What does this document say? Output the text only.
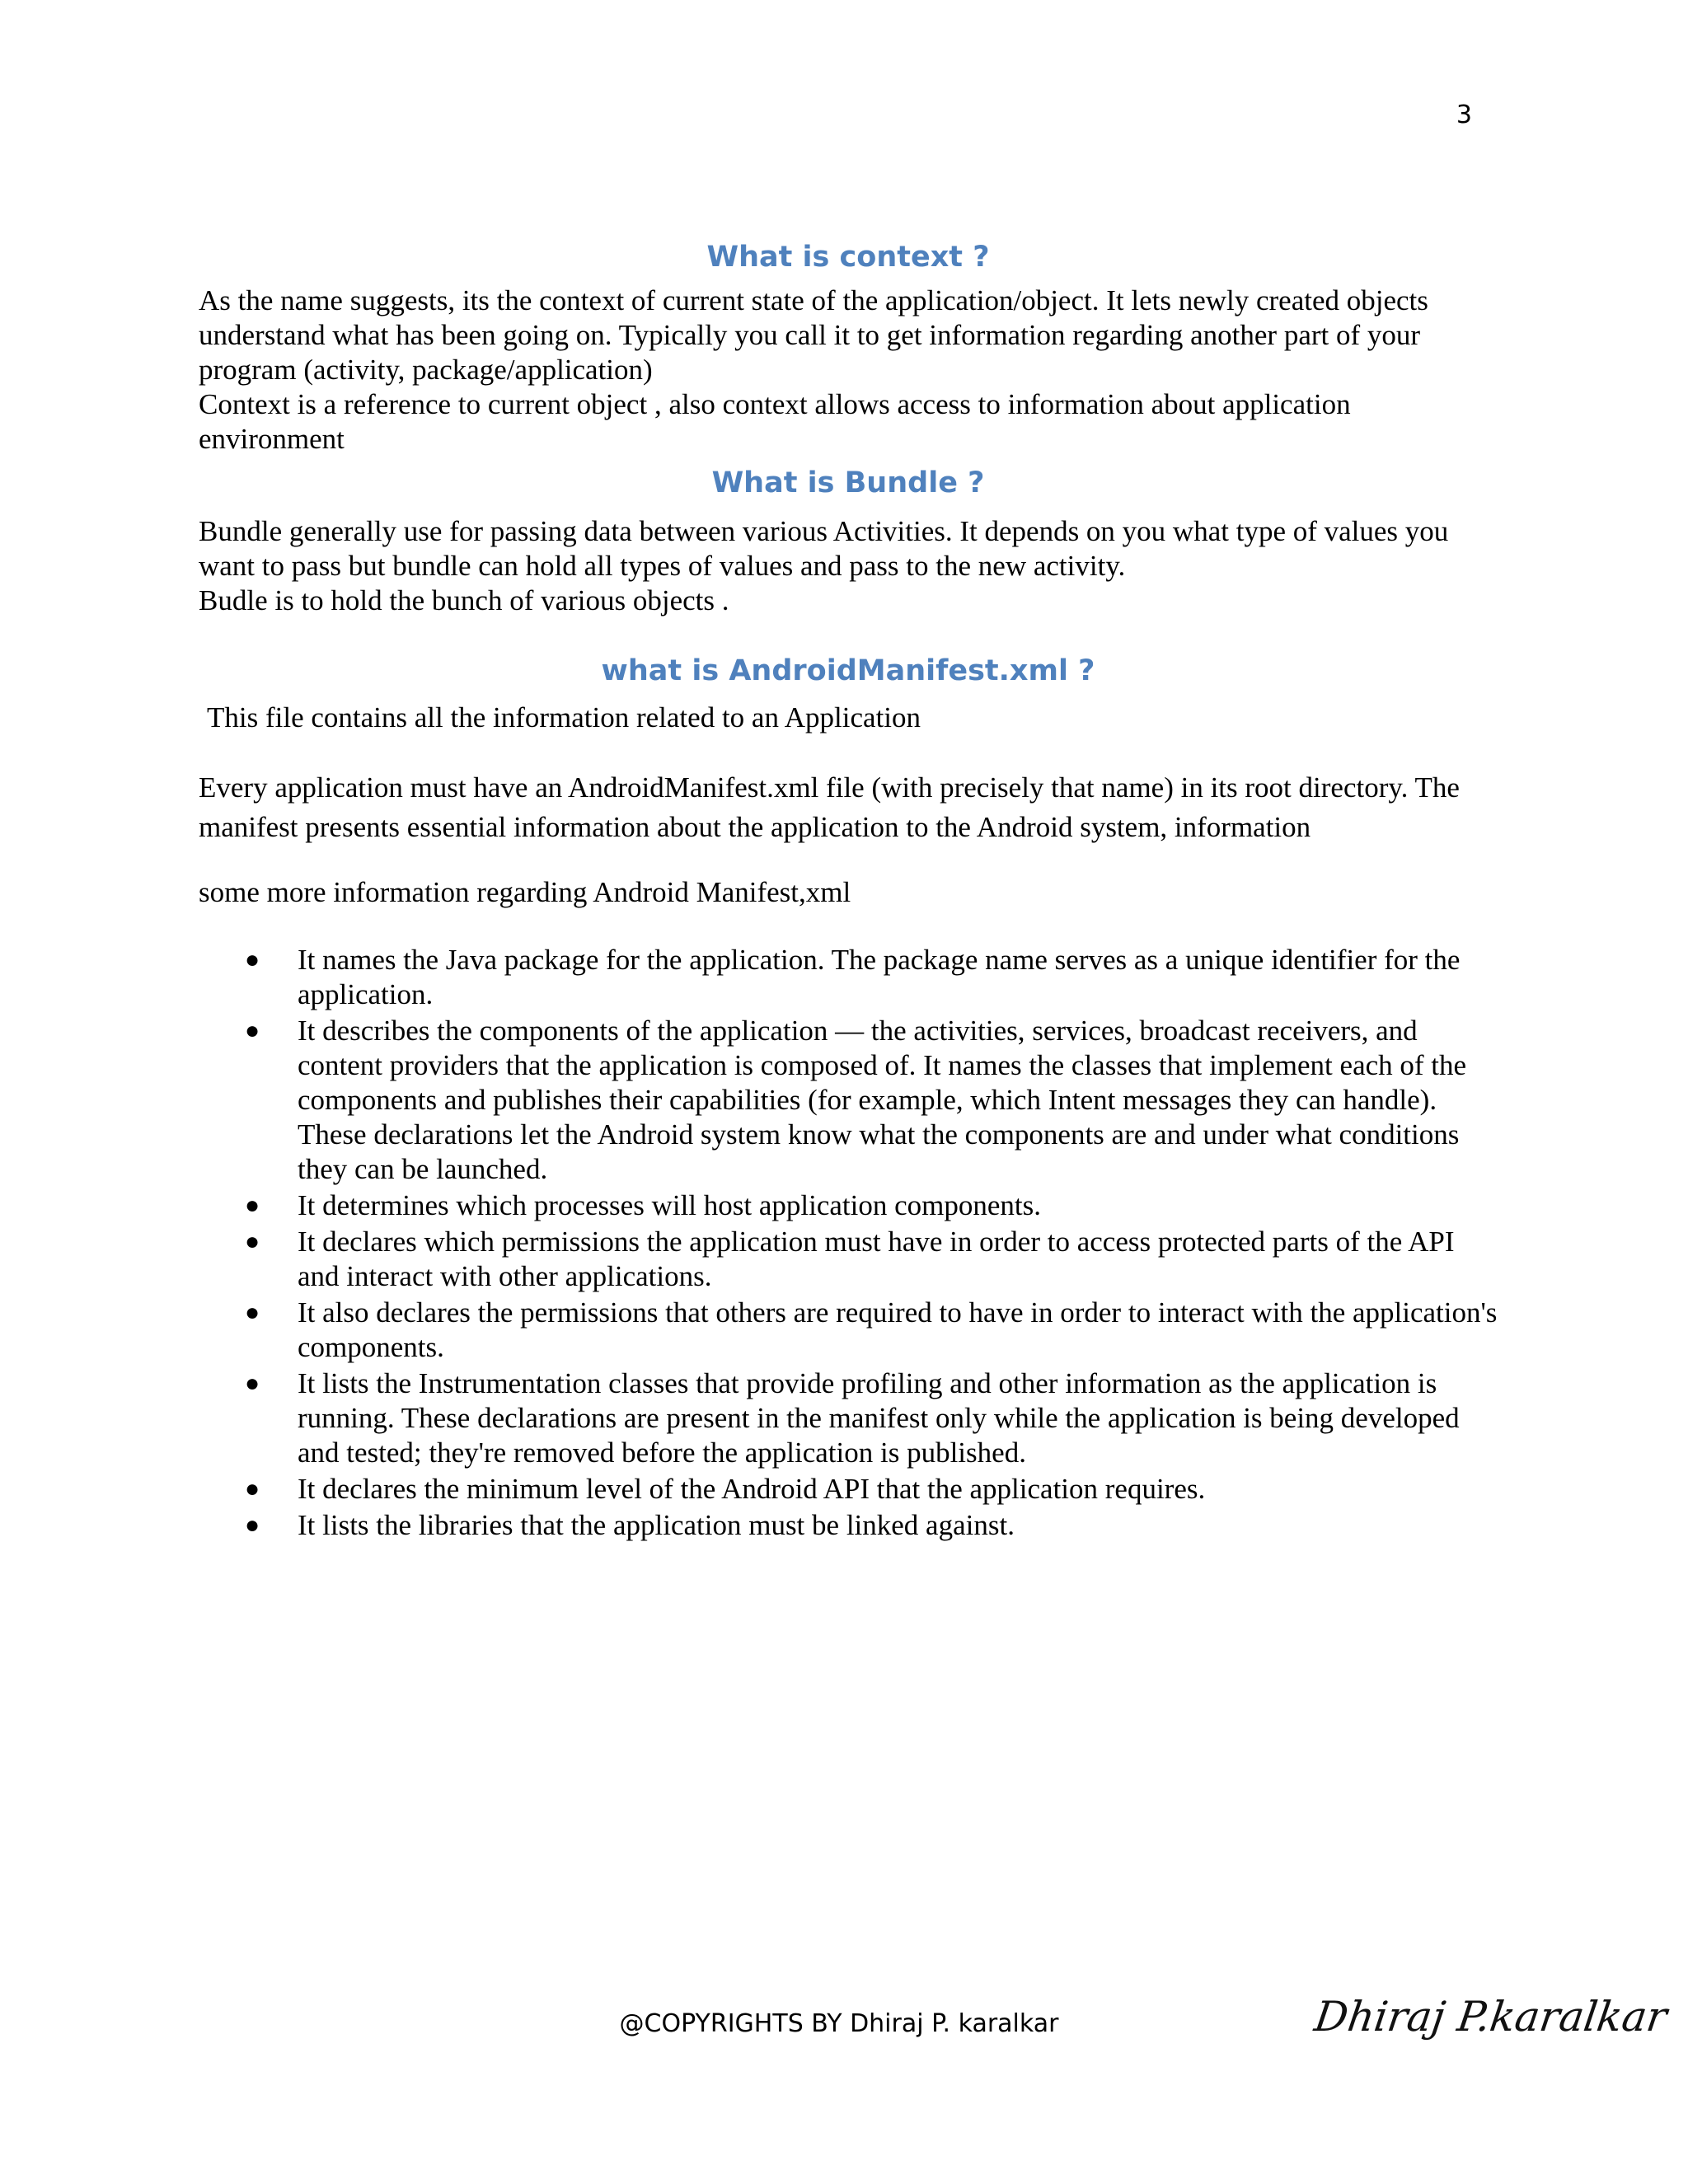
3
What is context ?

As the name suggests, its the context of current state of the application/object. It lets newly created objects understand what has been going on. Typically you call it to get information regarding another part of your program (activity, package/application)

Context is a reference to current object , also context allows access to information about application environment

What is Bundle ?

Bundle generally use for passing data between various Activities. It depends on you what type of values you want to pass but bundle can hold all types of values and pass to the new activity.

Budle is to hold the bunch of various objects .

what is AndroidManifest.xml ?

This file contains all the information related to an Application

Every application must have an AndroidManifest.xml file (with precisely that name) in its root directory. The manifest presents essential information about the application to the Android system, information

some more information regarding Android Manifest,xml

● It names the Java package for the application. The package name serves as a unique identifier for the application.
● It describes the components of the application — the activities, services, broadcast receivers, and content providers that the application is composed of. It names the classes that implement each of the components and publishes their capabilities (for example, which Intent messages they can handle). These declarations let the Android system know what the components are and under what conditions they can be launched.
● It determines which processes will host application components.
● It declares which permissions the application must have in order to access protected parts of the API and interact with other applications.
● It also declares the permissions that others are required to have in order to interact with the application's components.
● It lists the Instrumentation classes that provide profiling and other information as the application is running. These declarations are present in the manifest only while the application is being developed and tested; they're removed before the application is published.
● It declares the minimum level of the Android API that the application requires.
● It lists the libraries that the application must be linked against.
@COPYRIGHTS BY Dhiraj P. karalkar	Dhiraj P.karalkar
